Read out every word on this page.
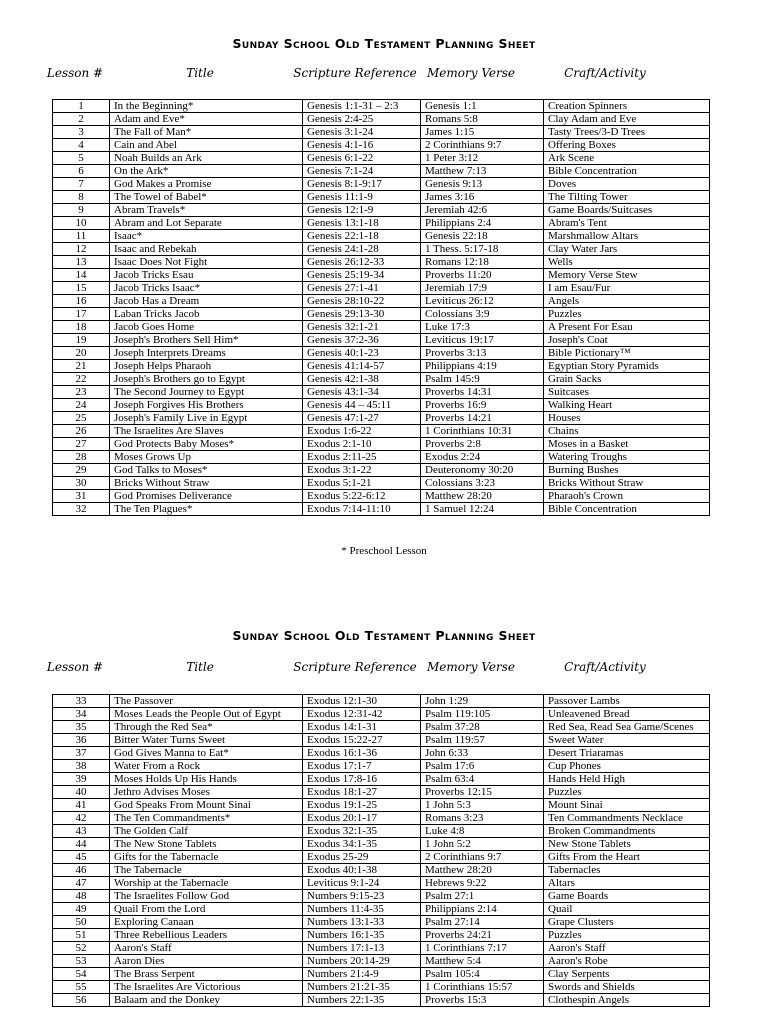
Sunday School Old Testament Planning Sheet
Lesson #	Title	Scripture Reference Memory Verse	Craft/Activity
1	In the Beginning*	Genesis 1:1-31 – 2:3	Genesis 1:1	Creation Spinners
2	Adam and Eve*	Genesis 2:4-25	Romans 5:8	Clay Adam and Eve
3	The Fall of Man*	Genesis 3:1-24	James 1:15	Tasty Trees/3-D Trees
4	Cain and Abel	Genesis 4:1-16	2 Corinthians 9:7	Offering Boxes
5	Noah Builds an Ark	Genesis 6:1-22	1 Peter 3:12	Ark Scene
6	On the Ark*	Genesis 7:1-24	Matthew 7:13	Bible Concentration
7	God Makes a Promise	Genesis 8:1-9:17	Genesis 9:13	Doves
8	The Towel of Babel*	Genesis 11:1-9	James 3:16	The Tilting Tower
9	Abram Travels*	Genesis 12:1-9	Jeremiah 42:6	Game Boards/Suitcases
10	Abram and Lot Separate	Genesis 13:1-18	Philippians 2:4	Abram's Tent
11	Isaac*	Genesis 22:1-18	Genesis 22:18	Marshmallow Altars
12	Isaac and Rebekah	Genesis 24:1-28	1 Thess. 5:17-18	Clay Water Jars
13	Isaac Does Not Fight	Genesis 26:12-33	Romans 12:18	Wells
14	Jacob Tricks Esau	Genesis 25:19-34	Proverbs 11:20	Memory Verse Stew
15	Jacob Tricks Isaac*	Genesis 27:1-41	Jeremiah 17:9	I am Esau/Fur
16	Jacob Has a Dream	Genesis 28:10-22	Leviticus 26:12	Angels
17	Laban Tricks Jacob	Genesis 29:13-30	Colossians 3:9	Puzzles
18	Jacob Goes Home	Genesis 32:1-21	Luke 17:3	A Present For Esau
19	Joseph's Brothers Sell Him*	Genesis 37:2-36	Leviticus 19:17	Joseph's Coat
20	Joseph Interprets Dreams	Genesis 40:1-23	Proverbs 3:13	Bible Pictionary™
21	Joseph Helps Pharaoh	Genesis 41:14-57	Philippians 4:19	Egyptian Story Pyramids
22	Joseph's Brothers go to Egypt	Genesis 42:1-38	Psalm 145:9	Grain Sacks
23	The Second Journey to Egypt	Genesis 43:1-34	Proverbs 14:31	Suitcases
24	Joseph Forgives His Brothers	Genesis 44 – 45:11	Proverbs 16:9	Walking Heart
25	Joseph's Family Live in Egypt	Genesis 47:1-27	Proverbs 14:21	Houses
26	The Israelites Are Slaves	Exodus 1:6-22	1 Corinthians 10:31	Chains
27	God Protects Baby Moses*	Exodus 2:1-10	Proverbs 2:8	Moses in a Basket
28	Moses Grows Up	Exodus 2:11-25	Exodus 2:24	Watering Troughs
29	God Talks to Moses*	Exodus 3:1-22	Deuteronomy 30:20	Burning Bushes
30	Bricks Without Straw	Exodus 5:1-21	Colossians 3:23	Bricks Without Straw
31	God Promises Deliverance	Exodus 5:22-6:12	Matthew 28:20	Pharaoh's Crown
32	The Ten Plagues*	Exodus 7:14-11:10	1 Samuel 12:24	Bible Concentration
* Preschool Lesson
Sunday School Old Testament Planning Sheet
Lesson #	Title	Scripture Reference Memory Verse	Craft/Activity
33	The Passover	Exodus 12:1-30	John 1:29	Passover Lambs
34	Moses Leads the People Out of Egypt	Exodus 12:31-42	Psalm 119:105	Unleavened Bread
35	Through the Red Sea*	Exodus 14:1-31	Psalm 37:28	Red Sea, Read Sea Game/Scenes
36	Bitter Water Turns Sweet	Exodus 15:22-27	Psalm 119:57	Sweet Water
37	God Gives Manna to Eat*	Exodus 16:1-36	John 6:33	Desert Triaramas
38	Water From a Rock	Exodus 17:1-7	Psalm 17:6	Cup Phones
39	Moses Holds Up His Hands	Exodus 17:8-16	Psalm 63:4	Hands Held High
40	Jethro Advises Moses	Exodus 18:1-27	Proverbs 12:15	Puzzles
41	God Speaks From Mount Sinai	Exodus 19:1-25	1 John 5:3	Mount Sinai
42	The Ten Commandments*	Exodus 20:1-17	Romans 3:23	Ten Commandments Necklace
43	The Golden Calf	Exodus 32:1-35	Luke 4:8	Broken Commandments
44	The New Stone Tablets	Exodus 34:1-35	1 John 5:2	New Stone Tablets
45	Gifts for the Tabernacle	Exodus 25-29	2 Corinthians 9:7	Gifts From the Heart
46	The Tabernacle	Exodus 40:1-38	Matthew 28:20	Tabernacles
47	Worship at the Tabernacle	Leviticus 9:1-24	Hebrews 9:22	Altars
48	The Israelites Follow God	Numbers 9:15-23	Psalm 27:1	Game Boards
49	Quail From the Lord	Numbers 11:4-35	Philippians 2:14	Quail
50	Exploring Canaan	Numbers 13:1-33	Psalm 27:14	Grape Clusters
51	Three Rebellious Leaders	Numbers 16:1-35	Proverbs 24:21	Puzzles
52	Aaron's Staff	Numbers 17:1-13	1 Corinthians 7:17	Aaron's Staff
53	Aaron Dies	Numbers 20:14-29	Matthew 5:4	Aaron's Robe
54	The Brass Serpent	Numbers 21:4-9	Psalm 105:4	Clay Serpents
55	The Israelites Are Victorious	Numbers 21:21-35	1 Corinthians 15:57	Swords and Shields
56	Balaam and the Donkey	Numbers 22:1-35	Proverbs 15:3	Clothespin Angels
